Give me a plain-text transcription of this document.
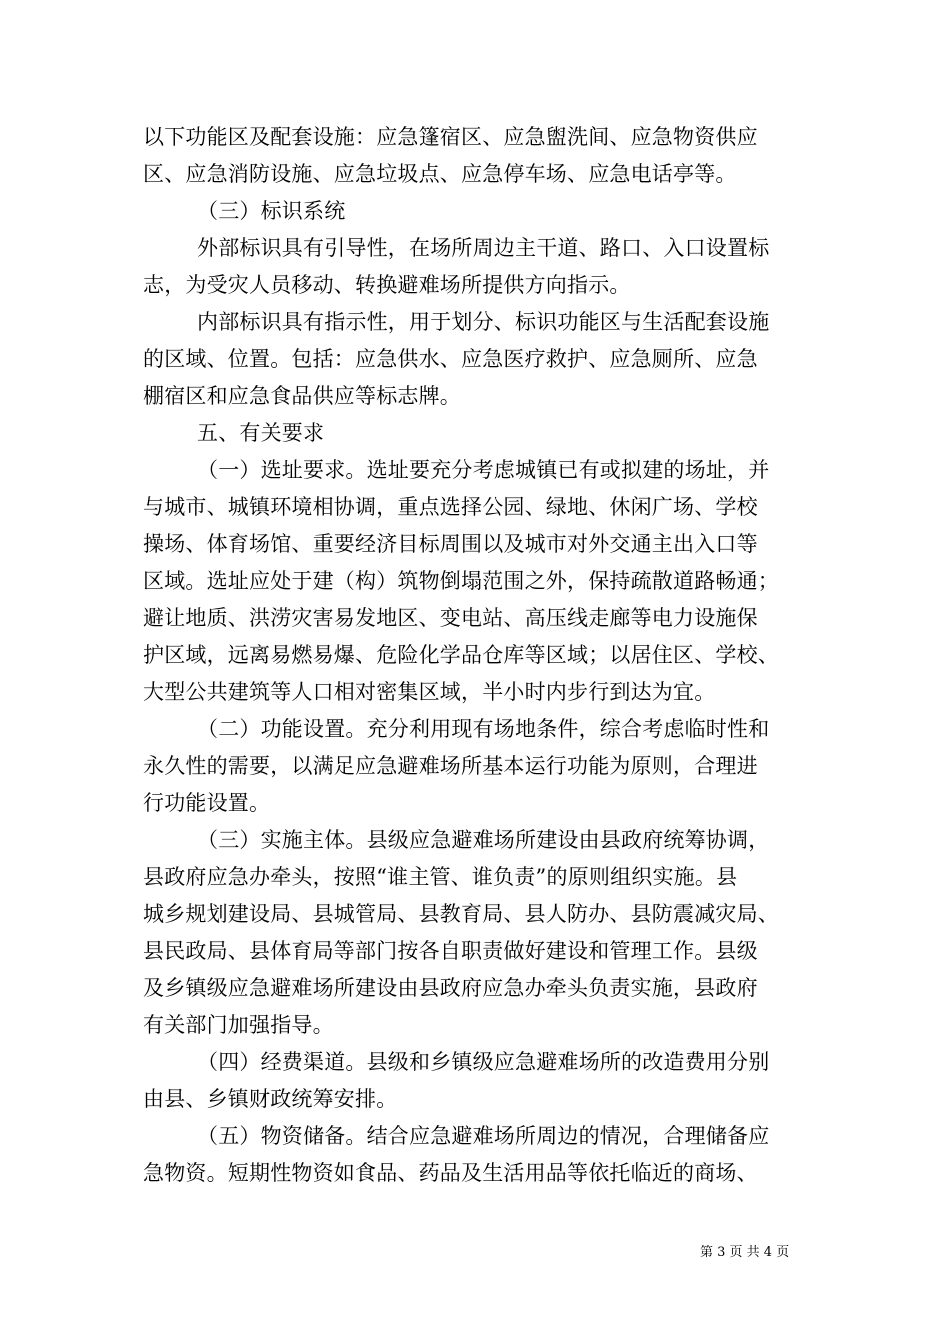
以下功能区及配套设施：应急篷宿区、应急盥洗间、应急物资供应
区、应急消防设施、应急垃圾点、应急停车场、应急电话亭等。
（三）标识系统
外部标识具有引导性，在场所周边主干道、路口、入口设置标
志，为受灾人员移动、转换避难场所提供方向指示。
内部标识具有指示性，用于划分、标识功能区与生活配套设施
的区域、位置。包括：应急供水、应急医疗救护、应急厕所、应急
棚宿区和应急食品供应等标志牌。
五、有关要求
（一）选址要求。选址要充分考虑城镇已有或拟建的场址，并
与城市、城镇环境相协调，重点选择公园、绿地、休闲广场、学校
操场、体育场馆、重要经济目标周围以及城市对外交通主出入口等
区域。选址应处于建（构）筑物倒塌范围之外，保持疏散道路畅通；
避让地质、洪涝灾害易发地区、变电站、高压线走廊等电力设施保
护区域，远离易燃易爆、危险化学品仓库等区域；以居住区、学校、
大型公共建筑等人口相对密集区域，半小时内步行到达为宜。
（二）功能设置。充分利用现有场地条件，综合考虑临时性和
永久性的需要，以满足应急避难场所基本运行功能为原则，合理进
行功能设置。
（三）实施主体。县级应急避难场所建设由县政府统筹协调，
县政府应急办牵头，按照“谁主管、谁负责”的原则组织实施。县
城乡规划建设局、县城管局、县教育局、县人防办、县防震减灾局、
县民政局、县体育局等部门按各自职责做好建设和管理工作。县级
及乡镇级应急避难场所建设由县政府应急办牵头负责实施，县政府
有关部门加强指导。
（四）经费渠道。县级和乡镇级应急避难场所的改造费用分别
由县、乡镇财政统筹安排。
（五）物资储备。结合应急避难场所周边的情况，合理储备应
急物资。短期性物资如食品、药品及生活用品等依托临近的商场、
第 3 页 共 4 页
